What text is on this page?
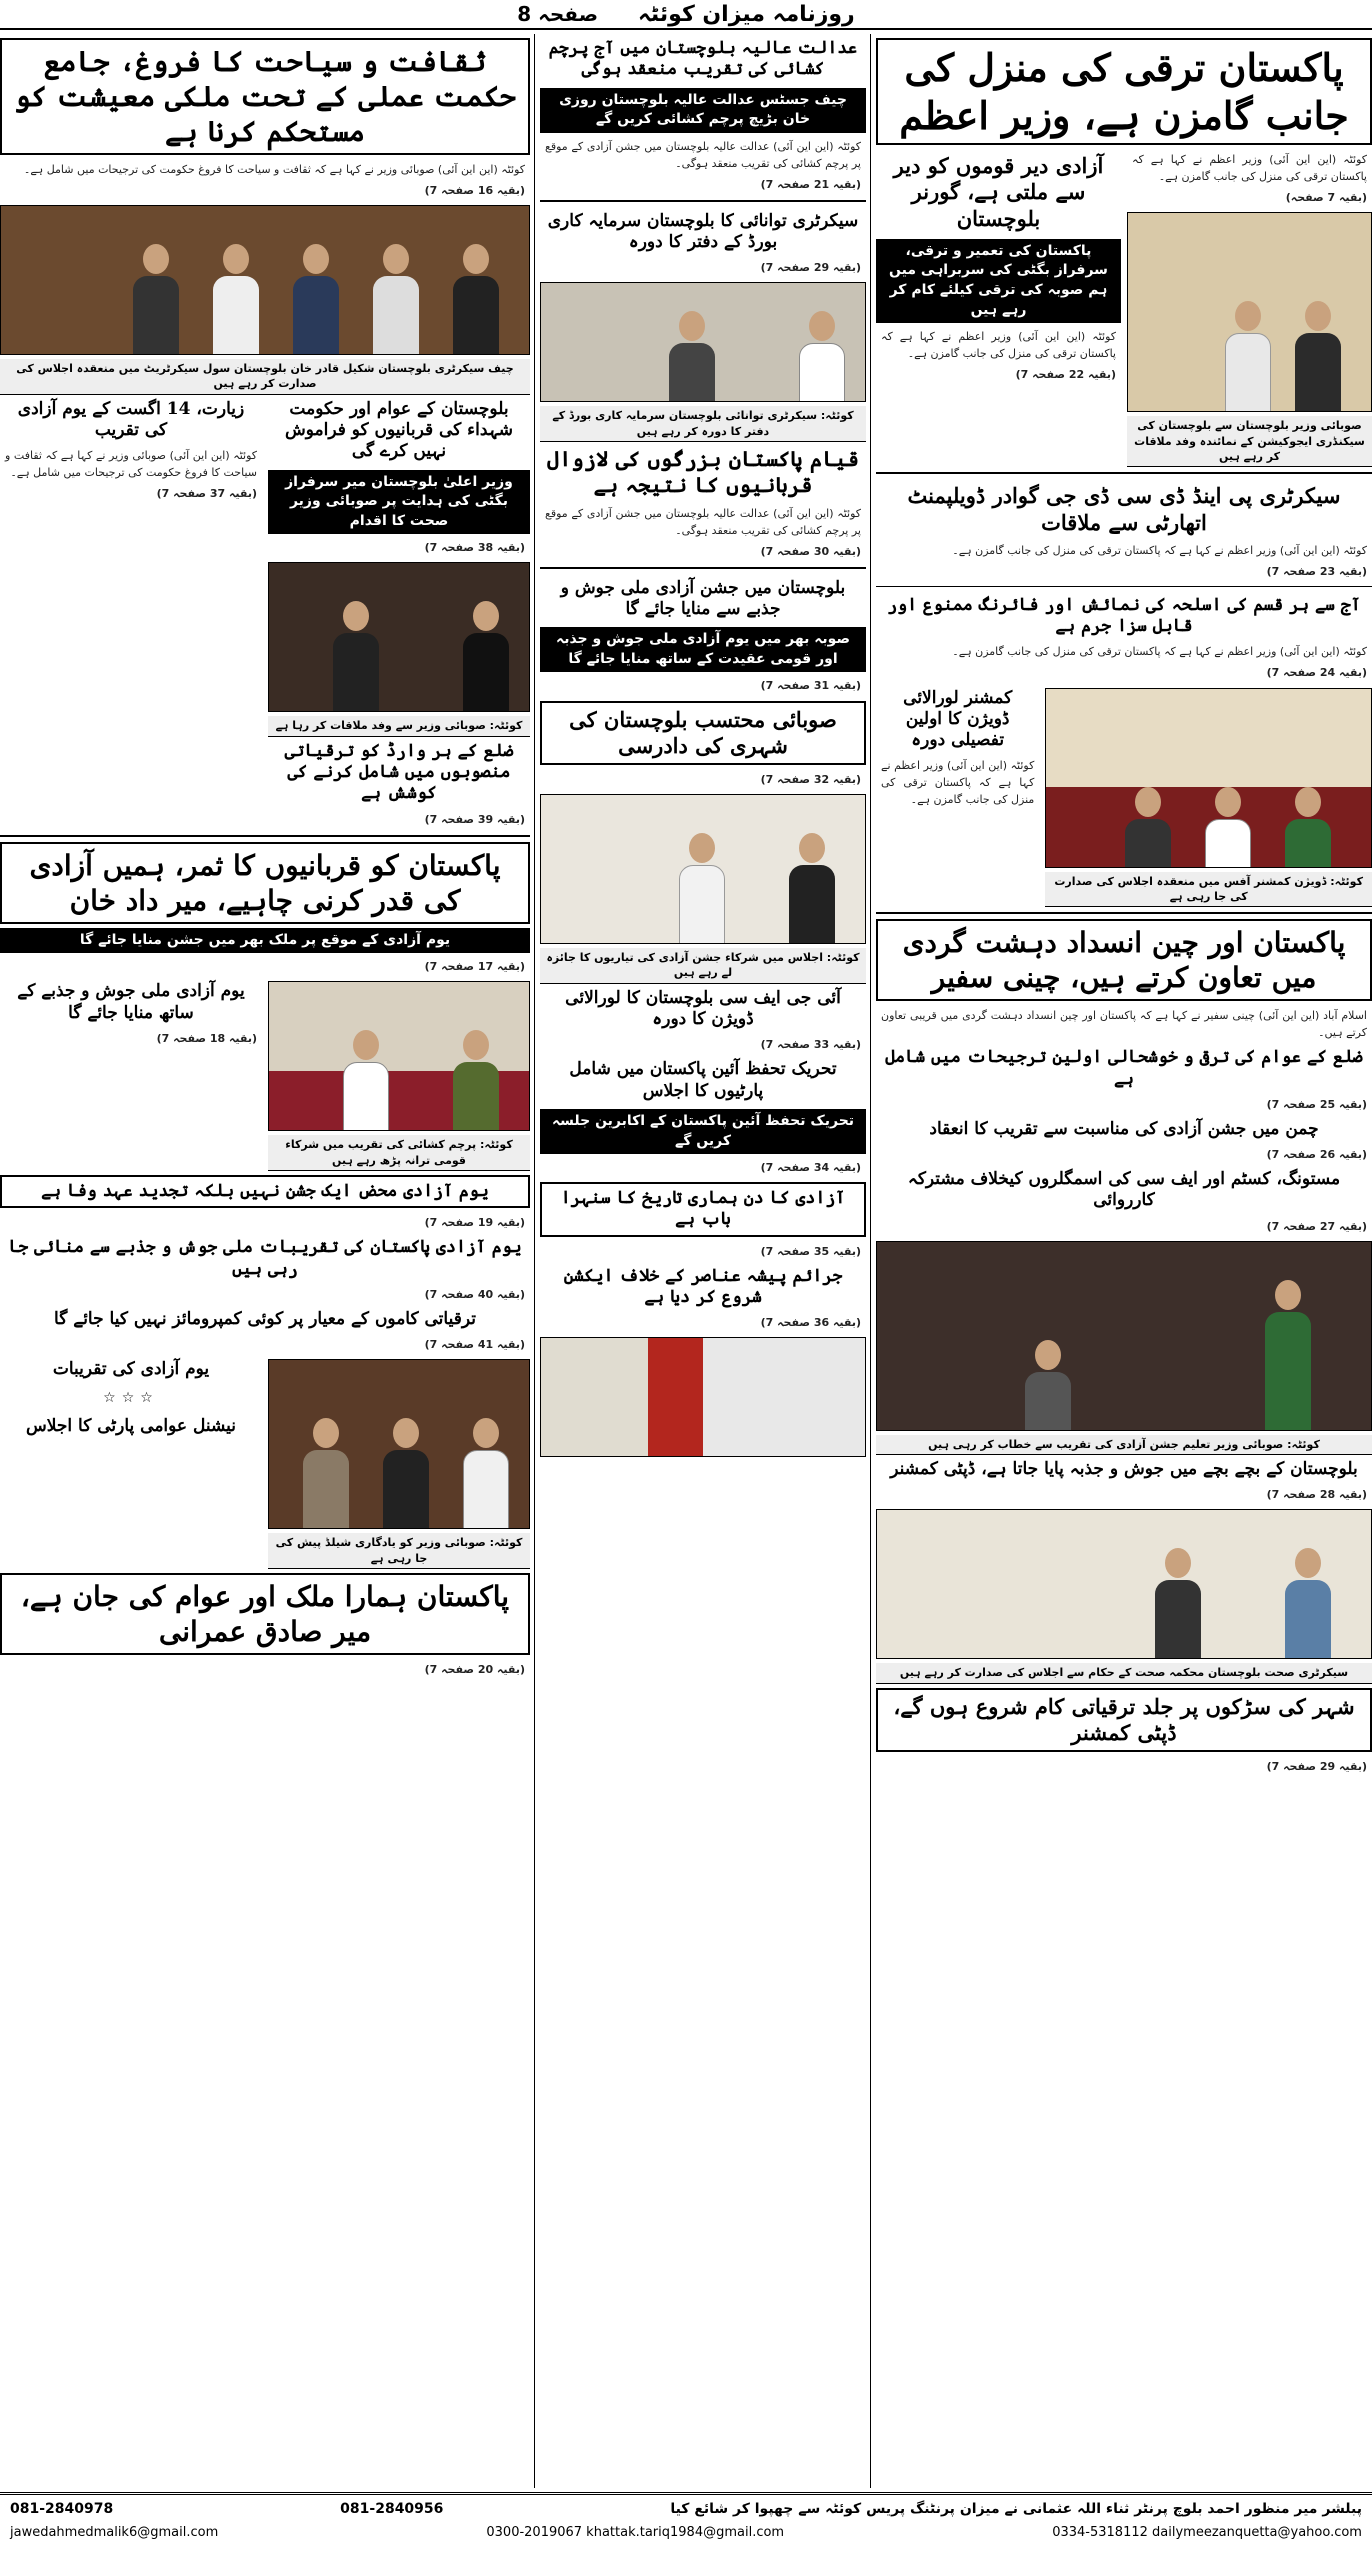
روزنامہ میزان کوئٹہ
صفحہ 8
پاکستان ترقی کی منزل کی جانب گامزن ہے، وزیر اعظم

کوئٹہ (این این آئی) وزیر اعظم نے کہا ہے کہ پاکستان ترقی کی منزل کی جانب گامزن ہے۔

(بقیہ 7 صفحہ)

صوبائی وزیر بلوچستان سے بلوچستان کی سیکنڈری ایجوکیشن کے نمائندہ وفد ملاقات کر رہے ہیں
آزادی دیر قوموں کو دیر سے ملتی ہے، گورنر بلوچستان
پاکستان کی تعمیر و ترقی، سرفراز بگٹی کی سربراہی میں ہم صوبہ کی ترقی کیلئے کام کر رہے ہیں

کوئٹہ (این این آئی) وزیر اعظم نے کہا ہے کہ پاکستان ترقی کی منزل کی جانب گامزن ہے۔

(بقیہ 22 صفحہ 7)

سیکرٹری پی اینڈ ڈی سی ڈی جی گوادر ڈویلپمنٹ اتھارٹی سے ملاقات

کوئٹہ (این این آئی) وزیر اعظم نے کہا ہے کہ پاکستان ترقی کی منزل کی جانب گامزن ہے۔

(بقیہ 23 صفحہ 7)

آج سے ہر قسم کی اسلحہ کی نمائش اور فائرنگ ممنوع اور قابل سزا جرم ہے

کوئٹہ (این این آئی) وزیر اعظم نے کہا ہے کہ پاکستان ترقی کی منزل کی جانب گامزن ہے۔

(بقیہ 24 صفحہ 7)

کوئٹہ: ڈویژن کمشنر آفس میں منعقدہ اجلاس کی صدارت کی جا رہی ہے
کمشنر لورالائی ڈویژن کا اولین تفصیلی دورہ

کوئٹہ (این این آئی) وزیر اعظم نے کہا ہے کہ پاکستان ترقی کی منزل کی جانب گامزن ہے۔

پاکستان اور چین انسداد دہشت گردی میں تعاون کرتے ہیں، چینی سفیر

اسلام آباد (این این آئی) چینی سفیر نے کہا ہے کہ پاکستان اور چین انسداد دہشت گردی میں قریبی تعاون کرتے ہیں۔

ضلع کے عوام کی ترقی و خوشحالی اولین ترجیحات میں شامل ہے

(بقیہ 25 صفحہ 7)

چمن میں جشن آزادی کی مناسبت سے تقریب کا انعقاد

(بقیہ 26 صفحہ 7)

مستونگ، کسٹم اور ایف سی کی اسمگلروں کیخلاف مشترکہ کارروائی

(بقیہ 27 صفحہ 7)

کوئٹہ: صوبائی وزیر تعلیم جشن آزادی کی تقریب سے خطاب کر رہی ہیں
بلوچستان کے بچے بچے میں جوش و جذبہ پایا جاتا ہے، ڈپٹی کمشنر

(بقیہ 28 صفحہ 7)

سیکرٹری صحت بلوچستان محکمہ صحت کے حکام سے اجلاس کی صدارت کر رہے ہیں
شہر کی سڑکوں پر جلد ترقیاتی کام شروع ہوں گے، ڈپٹی کمشنر

(بقیہ 29 صفحہ 7)

عدالت عالیہ بلوچستان میں آج پرچم کشائی کی تقریب منعقد ہوگی
چیف جسٹس عدالت عالیہ بلوچستان روزی خان بڑیچ پرچم کشائی کریں گے

کوئٹہ (این این آئی) عدالت عالیہ بلوچستان میں جشن آزادی کے موقع پر پرچم کشائی کی تقریب منعقد ہوگی۔

(بقیہ 21 صفحہ 7)

سیکرٹری توانائی کا بلوچستان سرمایہ کاری بورڈ کے دفتر کا دورہ

(بقیہ 29 صفحہ 7)

کوئٹہ: سیکرٹری توانائی بلوچستان سرمایہ کاری بورڈ کے دفتر کا دورہ کر رہے ہیں
قیام پاکستان بزرگوں کی لازوال قربانیوں کا نتیجہ ہے

کوئٹہ (این این آئی) عدالت عالیہ بلوچستان میں جشن آزادی کے موقع پر پرچم کشائی کی تقریب منعقد ہوگی۔

(بقیہ 30 صفحہ 7)

بلوچستان میں جشن آزادی ملی جوش و جذبے سے منایا جائے گا
صوبہ بھر میں یوم آزادی ملی جوش و جذبہ اور قومی عقیدت کے ساتھ منایا جائے گا

(بقیہ 31 صفحہ 7)

صوبائی محتسب بلوچستان کی شہری کی دادرسی

(بقیہ 32 صفحہ 7)

کوئٹہ: اجلاس میں شرکاء جشن آزادی کی تیاریوں کا جائزہ لے رہے ہیں
آئی جی ایف سی بلوچستان کا لورالائی ڈویژن کا دورہ

(بقیہ 33 صفحہ 7)

تحریک تحفظ آئین پاکستان میں شامل پارٹیوں کا اجلاس
تحریک تحفظ آئین پاکستان کے اکابرین جلسہ کریں گے

(بقیہ 34 صفحہ 7)

آزادی کا دن ہماری تاریخ کا سنہرا باب ہے

(بقیہ 35 صفحہ 7)

جرائم پیشہ عناصر کے خلاف ایکشن شروع کر دیا ہے

(بقیہ 36 صفحہ 7)

ثقافت و سیاحت کا فروغ، جامع حکمت عملی کے تحت ملکی معیشت کو مستحکم کرنا ہے

کوئٹہ (این این آئی) صوبائی وزیر نے کہا ہے کہ ثقافت و سیاحت کا فروغ حکومت کی ترجیحات میں شامل ہے۔

(بقیہ 16 صفحہ 7)

چیف سیکرٹری بلوچستان شکیل قادر خان بلوچستان سول سیکرٹریٹ میں منعقدہ اجلاس کی صدارت کر رہے ہیں
بلوچستان کے عوام اور حکومت شہداء کی قربانیوں کو فراموش نہیں کرے گی
وزیر اعلیٰ بلوچستان میر سرفراز بگٹی کی ہدایت پر صوبائی وزیر صحت کا اقدام

(بقیہ 38 صفحہ 7)

کوئٹہ: صوبائی وزیر سے وفد ملاقات کر رہا ہے
ضلع کے ہر وارڈ کو ترقیاتی منصوبوں میں شامل کرنے کی کوشش ہے

(بقیہ 39 صفحہ 7)

زیارت، 14 اگست کے یوم آزادی کی تقریب

کوئٹہ (این این آئی) صوبائی وزیر نے کہا ہے کہ ثقافت و سیاحت کا فروغ حکومت کی ترجیحات میں شامل ہے۔

(بقیہ 37 صفحہ 7)

پاکستان کو قربانیوں کا ثمر، ہمیں آزادی کی قدر کرنی چاہیے، میر داد خان
یوم آزادی کے موقع پر ملک بھر میں جشن منایا جائے گا

(بقیہ 17 صفحہ 7)

کوئٹہ: پرچم کشائی کی تقریب میں شرکاء قومی ترانہ پڑھ رہے ہیں
یوم آزادی ملی جوش و جذبے کے ساتھ منایا جائے گا

(بقیہ 18 صفحہ 7)

یوم آزادی محض ایک جشن نہیں بلکہ تجدید عہد وفا ہے

(بقیہ 19 صفحہ 7)

یوم آزادی پاکستان کی تقریبات ملی جوش و جذبے سے منائی جا رہی ہیں

(بقیہ 40 صفحہ 7)

ترقیاتی کاموں کے معیار پر کوئی کمپرومائز نہیں کیا جائے گا

(بقیہ 41 صفحہ 7)

کوئٹہ: صوبائی وزیر کو یادگاری شیلڈ پیش کی جا رہی ہے
یوم آزادی کی تقریبات
☆☆☆
نیشنل عوامی پارٹی کا اجلاس
پاکستان ہمارا ملک اور عوام کی جان ہے، میر صادق عمرانی

(بقیہ 20 صفحہ 7)

پبلشر میر منظور احمد بلوچ پرنٹر ثناء اللہ عثمانی نے میزان پرنٹنگ پریس کوئٹہ سے چھپوا کر شائع کیا
081-2840956
081-2840978
jawedahmedmalik6@gmail.com	0300-2019067 khattak.tariq1984@gmail.com	0334-5318112 dailymeezanquetta@yahoo.com
